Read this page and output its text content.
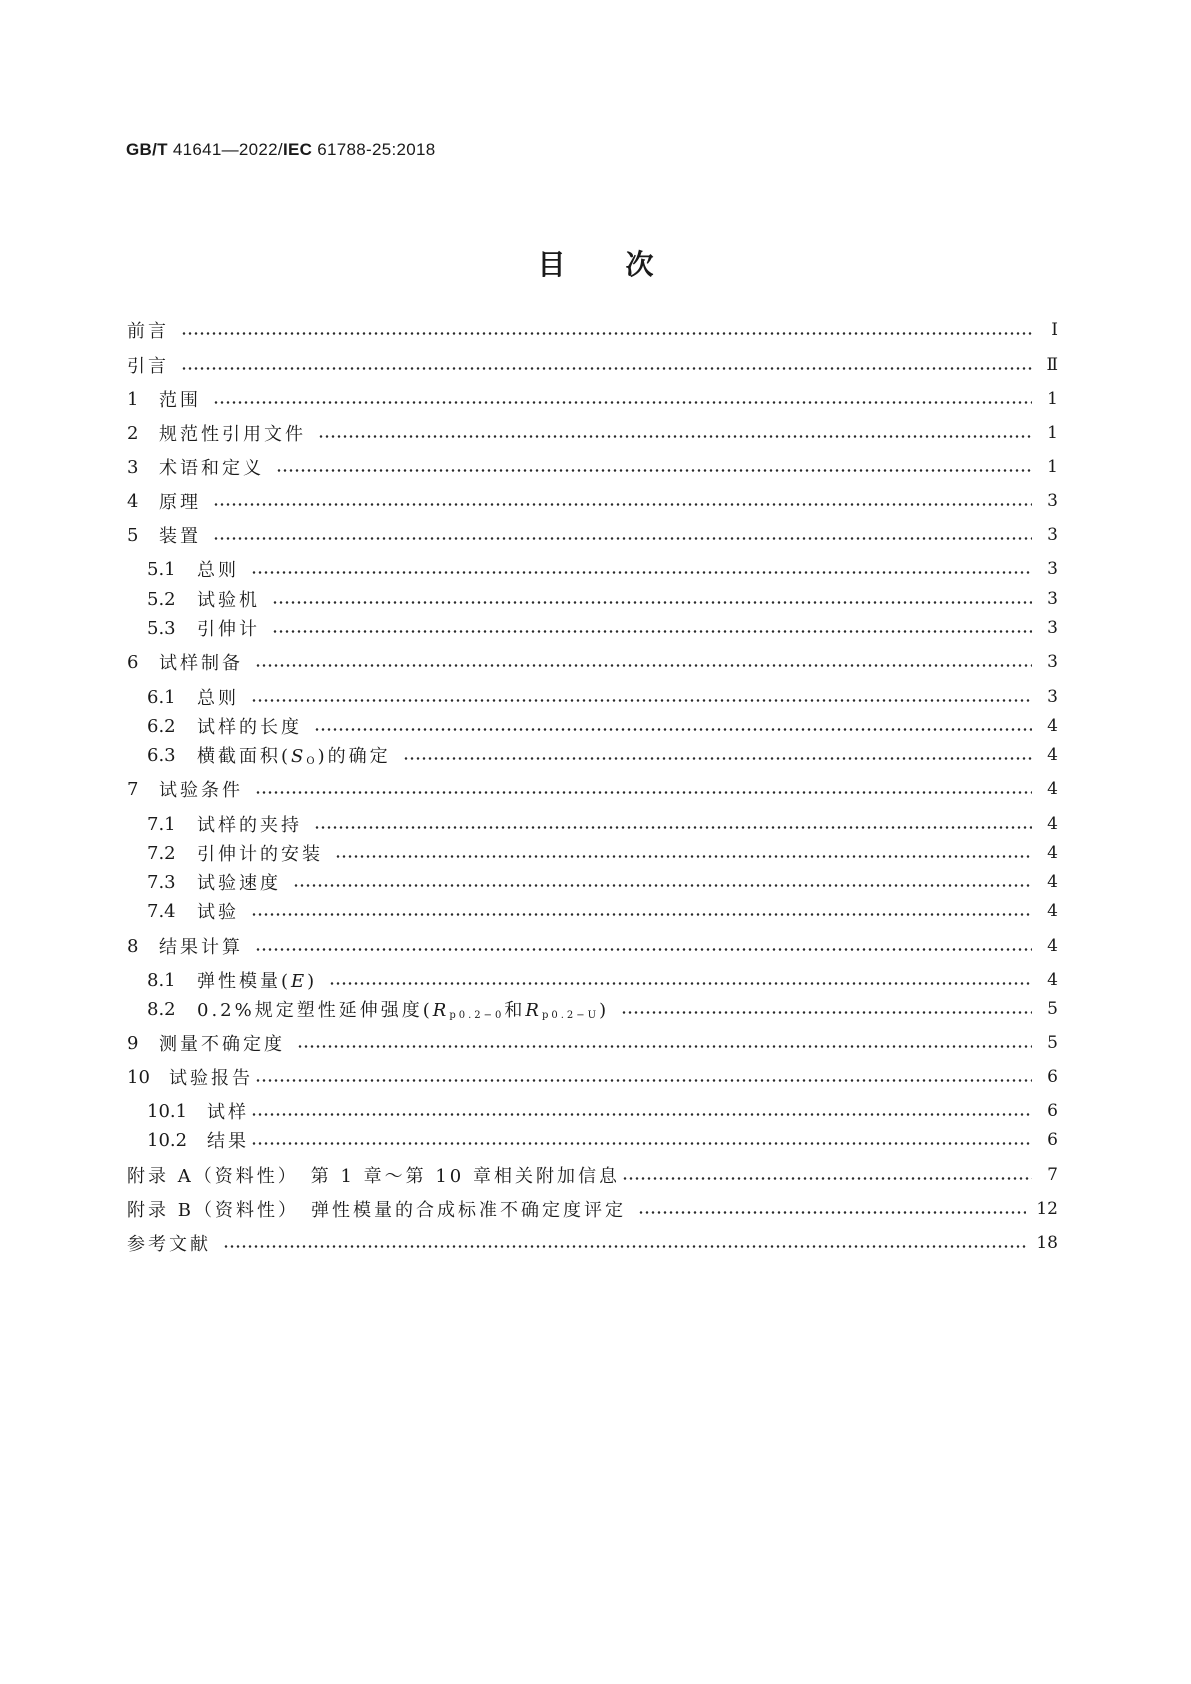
GB/T 41641—2022/IEC 61788-25:2018
目次
前言	Ⅰ
引言	Ⅱ
1	范围	1
2	规范性引用文件	1
3	术语和定义	1
4	原理	3
5	装置	3
5.1	总则	3
5.2	试验机	3
5.3	引伸计	3
6	试样制备	3
6.1	总则	3
6.2	试样的长度	4
6.3	横截面积$(S_O)$的确定	4
7	试验条件	4
7.1	试样的夹持	4
7.2	引伸计的安装	4
7.3	试验速度	4
7.4	试验	4
8	结果计算	4
8.1	弹性模量(E)	4
8.2	0.2%规定塑性延伸强度($R_{p0.2-0}$和$R_{p0.2-U}$)	5
9	测量不确定度	5
10	试验报告	6
10.1	试样	6
10.2	结果	6
附录 A（资料性）　第 1 章～第 10 章相关附加信息	7
附录 B（资料性）　弹性模量的合成标准不确定度评定	12
参考文献	18
